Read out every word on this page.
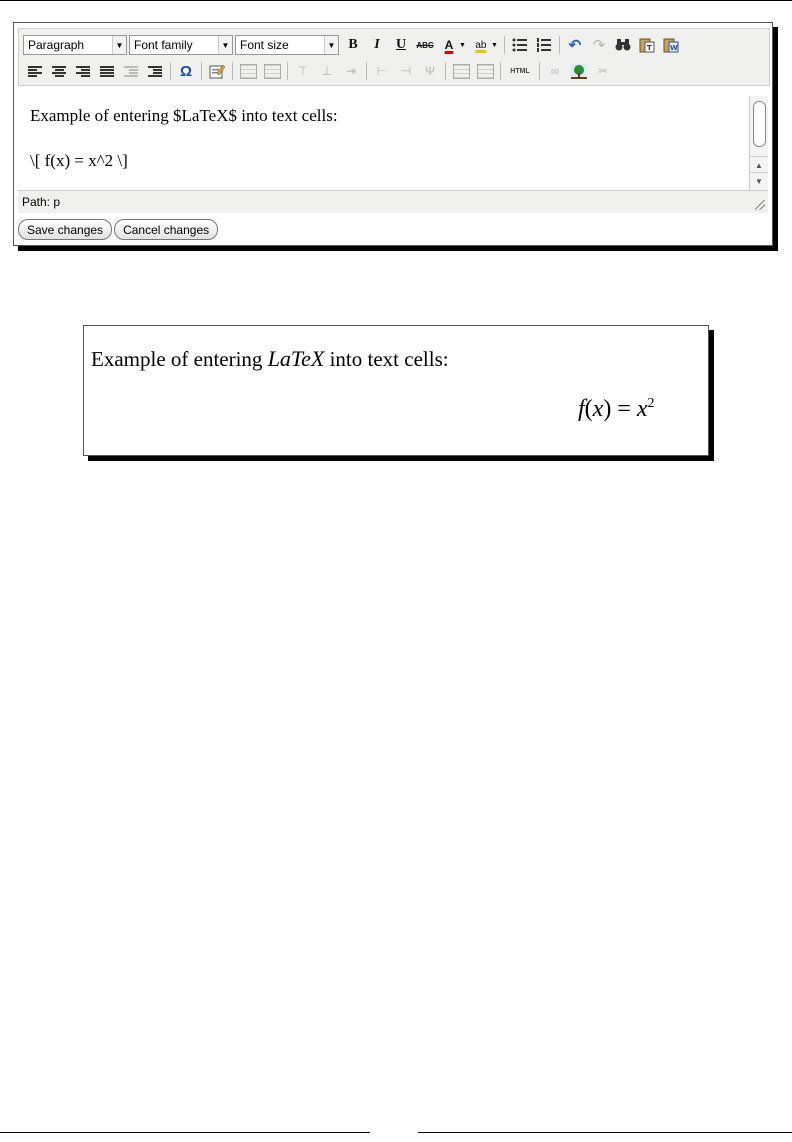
Paragraph	▼ Font family	▼ Font size	▼ B	I	U	ABC A ▼ ab ▼	↶ ↷	T	W
Ω	⊤ ⊥ ⇥ ⊢ ⊣ Ψ	HTML ∞	✂

Example of entering $LaTeX$ into text cells:

\[ f(x) = x^2 \]	▲
▼
Path: p
Save changes	Cancel changes
Example of entering LaTeX into text cells:
$f(x) = x^2$
